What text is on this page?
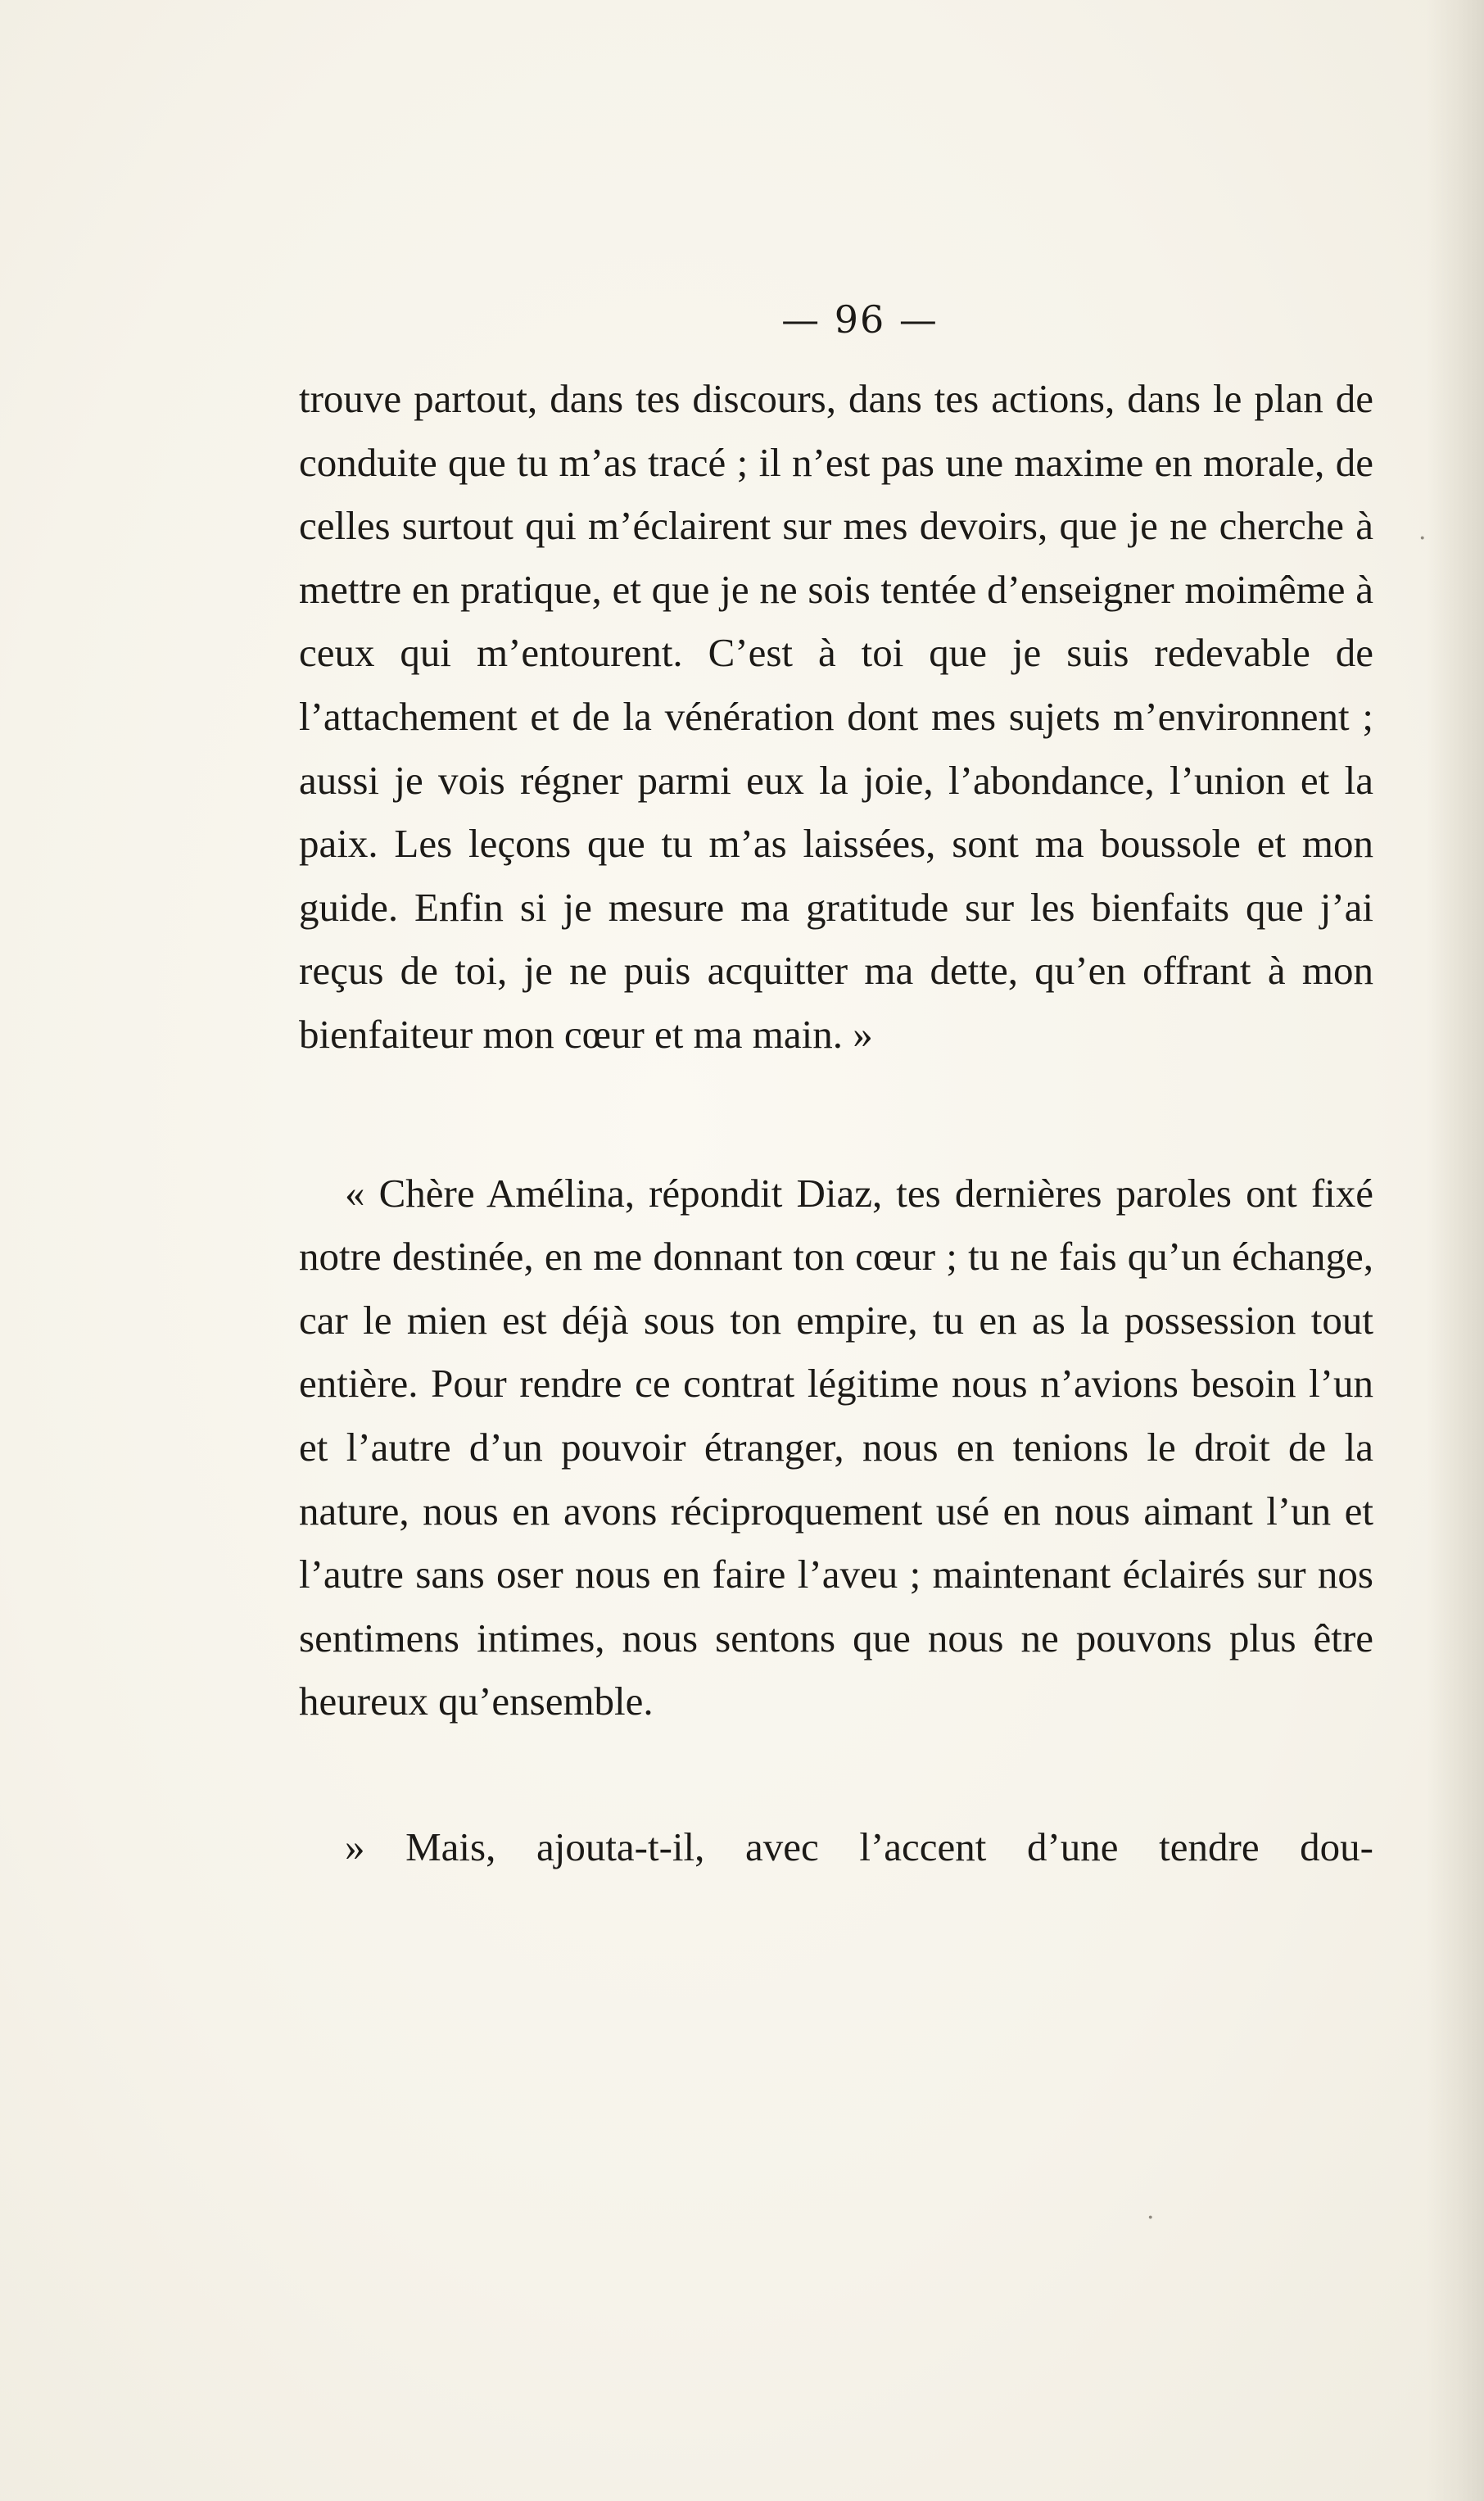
— 96 —

trouve partout, dans tes discours, dans tes actions, dans le plan de conduite que tu m’as tracé ; il n’est pas une maxime en morale, de celles surtout qui m’éclairent sur mes devoirs, que je ne cherche à mettre en pratique, et que je ne sois tentée d’enseigner moimême à ceux qui m’entourent. C’est à toi que je suis redevable de l’attachement et de la vénération dont mes sujets m’environnent ; aussi je vois régner parmi eux la joie, l’abondance, l’union et la paix. Les leçons que tu m’as laissées, sont ma boussole et mon guide. Enfin si je mesure ma gratitude sur les bienfaits que j’ai reçus de toi, je ne puis acquitter ma dette, qu’en offrant à mon bienfaiteur mon cœur et ma main. »

« Chère Amélina, répondit Diaz, tes dernières paroles ont fixé notre destinée, en me donnant ton cœur ; tu ne fais qu’un échange, car le mien est déjà sous ton empire, tu en as la possession tout entière. Pour rendre ce contrat légitime nous n’avions besoin l’un et l’autre d’un pouvoir étranger, nous en tenions le droit de la nature, nous en avons réciproquement usé en nous aimant l’un et l’autre sans oser nous en faire l’aveu ; maintenant éclairés sur nos sentimens intimes, nous sentons que nous ne pouvons plus être heureux qu’ensemble.

» Mais, ajouta-t-il, avec l’accent d’une tendre dou-

·
·
